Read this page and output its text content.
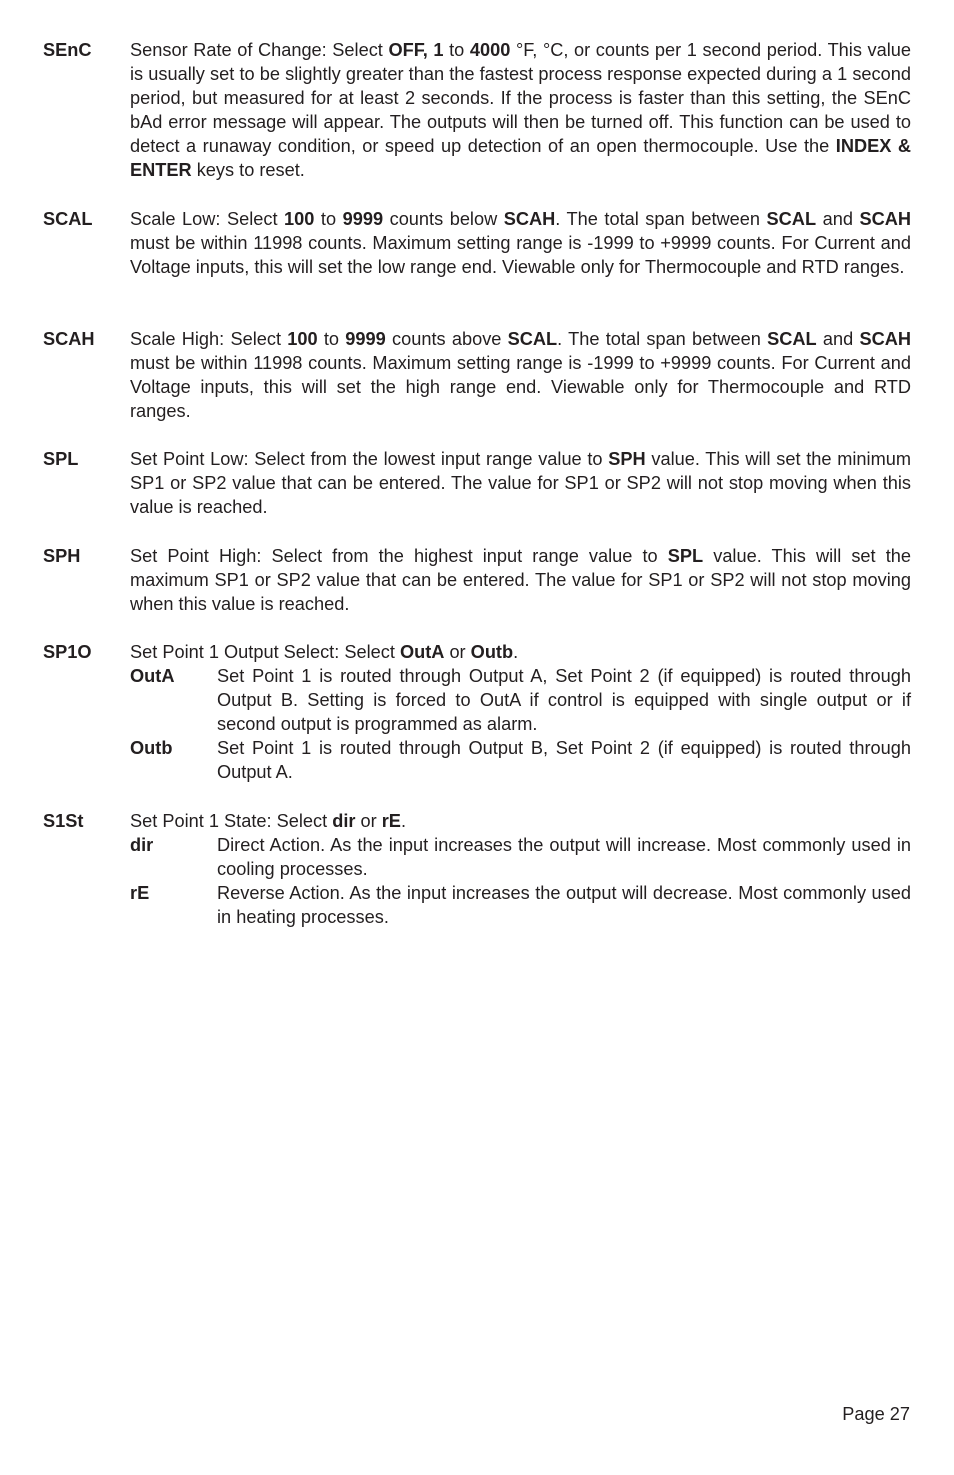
SEnC Sensor Rate of Change: Select OFF, 1 to 4000 °F, °C, or counts per 1 second period. This value is usually set to be slightly greater than the fastest process response expected during a 1 second period, but measured for at least 2 seconds. If the process is faster than this setting, the SEnC bAd error message will appear. The outputs will then be turned off. This function can be used to detect a runaway condition, or speed up detection of an open thermocouple. Use the INDEX & ENTER keys to reset.
SCAL Scale Low: Select 100 to 9999 counts below SCAH. The total span between SCAL and SCAH must be within 11998 counts. Maximum setting range is -1999 to +9999 counts. For Current and Voltage inputs, this will set the low range end. Viewable only for Thermocouple and RTD ranges.
SCAH Scale High: Select 100 to 9999 counts above SCAL. The total span between SCAL and SCAH must be within 11998 counts. Maximum setting range is -1999 to +9999 counts. For Current and Voltage inputs, this will set the high range end. Viewable only for Thermocouple and RTD ranges.
SPL	Set Point Low: Select from the lowest input range value to SPH value. This will set the minimum SP1 or SP2 value that can be entered. The value for SP1 or SP2 will not stop moving when this value is reached.
SPH	Set Point High: Select from the highest input range value to SPL value. This will set the maximum SP1 or SP2 value that can be entered. The value for SP1 or SP2 will not stop moving when this value is reached.
SP1O Set Point 1 Output Select: Select OutA or Outb.
OutA Set Point 1 is routed through Output A, Set Point 2 (if equipped) is routed through Output B. Setting is forced to OutA if control is equipped with single output or if second output is programmed as alarm.
Outb Set Point 1 is routed through Output B, Set Point 2 (if equipped) is routed through Output A.
S1St	Set Point 1 State: Select dir or rE.
dir	Direct Action. As the input increases the output will increase. Most commonly used in cooling processes.
rE	Reverse Action. As the input increases the output will decrease. Most commonly used in heating processes.
Page 27
